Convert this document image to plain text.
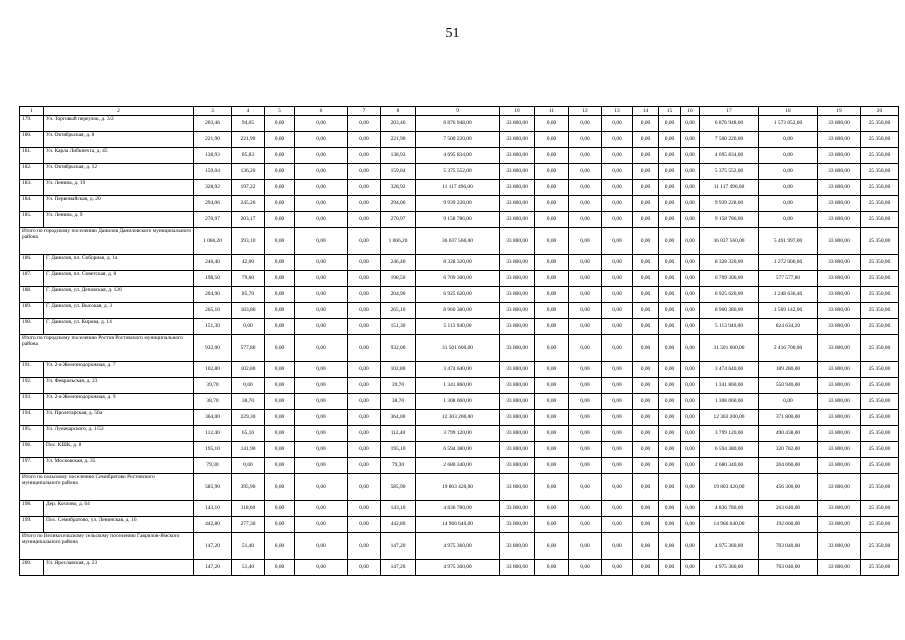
51
1	2	3	4	5	6	7	8	9	10	11	12	13	14	15	16	17	18	19	20
179.	Ул. Торговый переулок, д. 3/2	203,46	94,05	0,00	0,00	0,00	203,46	6 876 948,00	33 800,00	0,00	0,00	0,00	0,00	0,00	0,00	6 876 948,00	1 573 052,00	33 800,00	25 350,00
180.	Ул. Октябрьская, д. 8	221,90	221,90	0,00	0,00	0,00	221,90	7 500 220,00	33 800,00	0,00	0,00	0,00	0,00	0,00	0,00	7 500 220,00	0,00	33 800,00	25 350,00
181.	Ул. Карла Либкнехта, д. 45	138,93	85,83	0,00	0,00	0,00	138,93	4 695 834,00	33 800,00	0,00	0,00	0,00	0,00	0,00	0,00	4 695 834,00	0,00	33 800,00	25 350,00
182.	Ул. Октябрьская, д. 12	159,04	136,20	0,00	0,00	0,00	159,04	5 375 552,00	33 800,00	0,00	0,00	0,00	0,00	0,00	0,00	5 375 552,00	0,00	33 800,00	25 350,00
183.	Ул. Ленина, д. 19	328,92	197,22	0,00	0,00	0,00	328,92	11 117 496,00	33 800,00	0,00	0,00	0,00	0,00	0,00	0,00	11 117 496,00	0,00	33 800,00	25 350,00
184.	Ул. Первомайская, д. 20	294,06	245,26	0,00	0,00	0,00	294,06	9 939 228,00	33 800,00	0,00	0,00	0,00	0,00	0,00	0,00	9 939 228,00	0,00	33 800,00	25 350,00
185.	Ул. Ленина, д. 9	270,97	203,17	0,00	0,00	0,00	270,97	9 158 786,00	33 800,00	0,00	0,00	0,00	0,00	0,00	0,00	9 158 786,00	0,00	33 800,00	25 350,00
Итого по городскому поселению Данилов Даниловского муниципального района		1 066,20	393,10	0,00	0,00	0,00	1 066,20	36 037 560,00	33 800,00	0,00	0,00	0,00	0,00	0,00	0,00	36 037 560,00	5 491 997,00	33 800,00	25 350,00
186.	Г. Данилов, пл. Соборная, д. 1а	246,40	42,00	0,00	0,00	0,00	246,40	8 328 320,00	33 800,00	0,00	0,00	0,00	0,00	0,00	0,00	8 328 320,00	1 272 006,60	33 800,00	25 350,00
187.	Г. Данилов, пл. Советская, д. 8	198,50	79,60	0,00	0,00	0,00	198,50	6 709 300,00	33 800,00	0,00	0,00	0,00	0,00	0,00	0,00	6 709 300,00	577 577,80	33 800,00	25 350,00
188.	Г. Данилов, ул. Деповская, д. 126	204,90	85,70	0,00	0,00	0,00	204,90	6 925 620,00	33 800,00	0,00	0,00	0,00	0,00	0,00	0,00	6 925 620,00	1 248 636,40	33 800,00	25 350,00
189.	Г. Данилов, ул. Высокая, д. 3	265,10	183,80	0,00	0,00	0,00	265,10	8 960 380,00	33 800,00	0,00	0,00	0,00	0,00	0,00	0,00	8 960 380,00	1 569 142,00	33 800,00	25 350,00
190.	Г. Данилов, ул. Кирова, д. 14	151,30	0,00	0,00	0,00	0,00	151,30	5 113 940,00	33 800,00	0,00	0,00	0,00	0,00	0,00	0,00	5 113 940,00	824 634,20	33 800,00	25 350,00
Итого по городскому поселению Ростов Ростовского муниципального района		932,00	577,80	0,00	0,00	0,00	932,00	31 501 600,00	33 800,00	0,00	0,00	0,00	0,00	0,00	0,00	31 501 600,00	2 416 700,00	33 800,00	25 350,00
191.	Ул. 2-я Железнодорожная, д. 7	102,80	102,80	0,00	0,00	0,00	102,80	3 474 640,00	33 800,00	0,00	0,00	0,00	0,00	0,00	0,00	3 474 640,00	189 280,00	33 800,00	25 350,00
192.	Ул. Февральская, д. 23	39,70	0,00	0,00	0,00	0,00	39,70	1 341 860,00	33 800,00	0,00	0,00	0,00	0,00	0,00	0,00	1 341 860,00	550 940,00	33 800,00	25 350,00
193.	Ул. 2-я Железнодорожная, д. 9	38,70	38,70	0,00	0,00	0,00	38,70	1 308 060,00	33 800,00	0,00	0,00	0,00	0,00	0,00	0,00	1 308 060,00	0,00	33 800,00	25 350,00
194.	Ул. Пролетарская, д. 56а	364,00	229,30	0,00	0,00	0,00	364,00	12 303 200,00	33 800,00	0,00	0,00	0,00	0,00	0,00	0,00	12 303 200,00	371 800,00	33 800,00	25 350,00
195.	Ул. Луначарского, д. 1/53	112,40	65,10	0,00	0,00	0,00	112,40	3 799 120,00	33 800,00	0,00	0,00	0,00	0,00	0,00	0,00	3 799 120,00	490 438,00	33 800,00	25 350,00
196.	Пос. КШК, д. 8	195,10	141,90	0,00	0,00	0,00	195,10	6 594 380,00	33 800,00	0,00	0,00	0,00	0,00	0,00	0,00	6 594 380,00	320 782,00	33 800,00	25 350,00
197.	Ул. Московская, д. 35	79,30	0,00	0,00	0,00	0,00	79,30	2 680 340,00	33 800,00	0,00	0,00	0,00	0,00	0,00	0,00	2 680 340,00	204 060,00	33 800,00	25 350,00
Итого по сельскому поселению Семибратово Ростовского муниципального района		585,90	395,90	0,00	0,00	0,00	585,90	19 803 420,00	33 800,00	0,00	0,00	0,00	0,00	0,00	0,00	19 803 420,00	456 300,00	33 800,00	25 350,00
198.	Дер. Козлово, д. 64	143,10	118,60	0,00	0,00	0,00	143,10	4 836 780,00	33 800,00	0,00	0,00	0,00	0,00	0,00	0,00	4 836 780,00	263 640,00	33 800,00	25 350,00
199.	Пос. Семибратово, ул. Ленинская, д. 16	442,80	277,30	0,00	0,00	0,00	442,80	14 966 640,00	33 800,00	0,00	0,00	0,00	0,00	0,00	0,00	14 966 640,00	192 660,00	33 800,00	25 350,00
Итого по Великосельскому сельскому поселению Гаврилов-Ямского муниципального района		147,20	51,40	0,00	0,00	0,00	147,20	4 975 360,00	33 800,00	0,00	0,00	0,00	0,00	0,00	0,00	4 975 360,00	703 040,00	33 800,00	25 350,00
200.	Ул. Ярославская, д. 23	147,20	51,40	0,00	0,00	0,00	147,20	4 975 360,00	33 800,00	0,00	0,00	0,00	0,00	0,00	0,00	4 975 360,00	703 040,00	33 800,00	25 350,00
